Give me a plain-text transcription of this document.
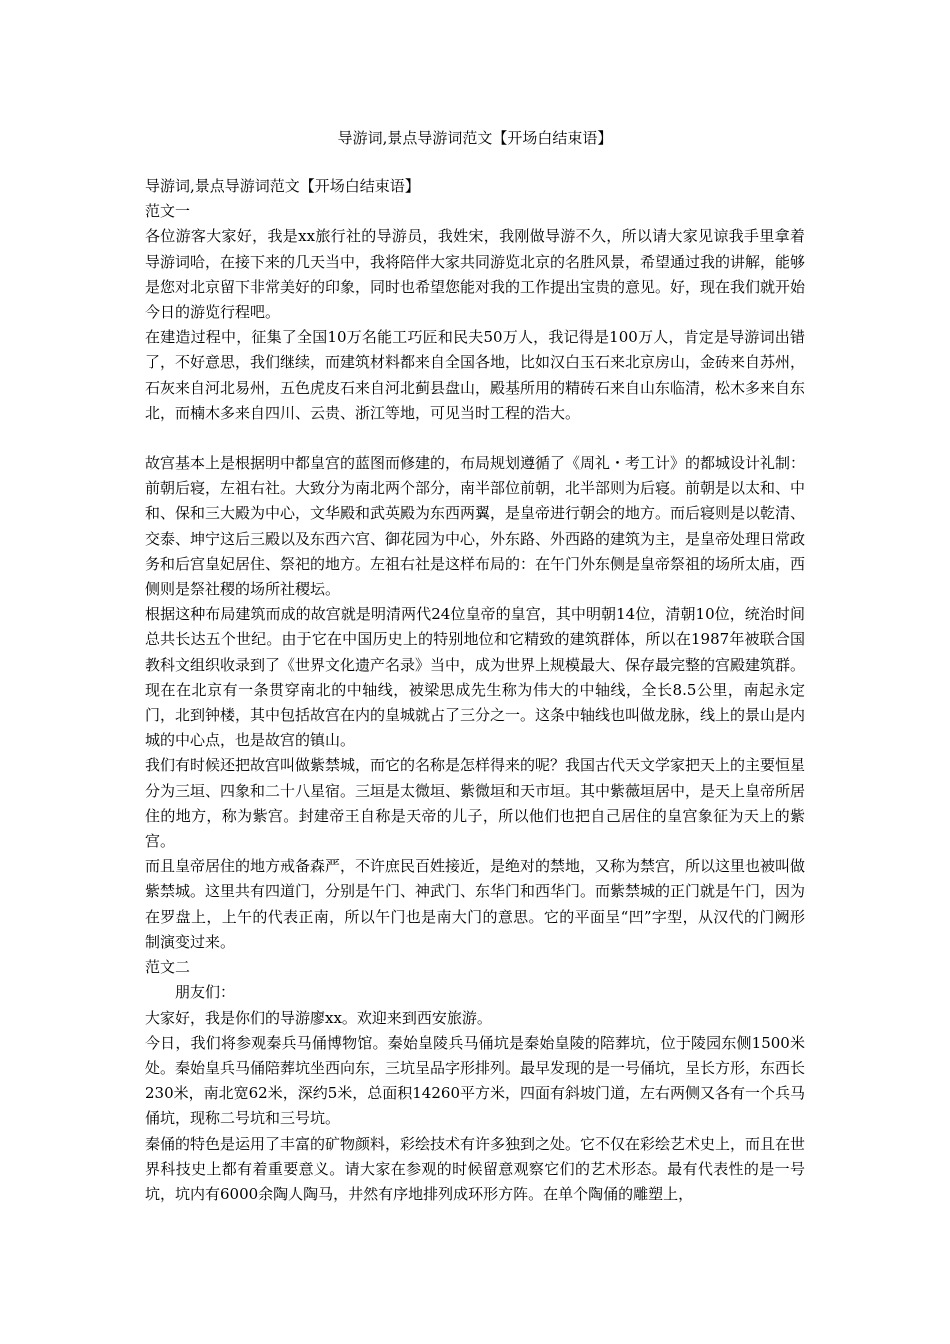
导游词,景点导游词范文【开场白结束语】

导游词,景点导游词范文【开场白结束语】

范文一

各位游客大家好，我是xx旅行社的导游员，我姓宋，我刚做导游不久，所以请大家见谅我手里拿着导游词哈，在接下来的几天当中，我将陪伴大家共同游览北京的名胜风景，希望通过我的讲解，能够是您对北京留下非常美好的印象，同时也希望您能对我的工作提出宝贵的意见。好，现在我们就开始今日的游览行程吧。

在建造过程中，征集了全国10万名能工巧匠和民夫50万人，我记得是100万人，肯定是导游词出错了，不好意思，我们继续，而建筑材料都来自全国各地，比如汉白玉石来北京房山，金砖来自苏州，石灰来自河北易州，五色虎皮石来自河北蓟县盘山，殿基所用的精砖石来自山东临清，松木多来自东北，而楠木多来自四川、云贵、浙江等地，可见当时工程的浩大。

故宫基本上是根据明中都皇宫的蓝图而修建的，布局规划遵循了《周礼・考工计》的都城设计礼制：前朝后寝，左祖右社。大致分为南北两个部分，南半部位前朝，北半部则为后寝。前朝是以太和、中和、保和三大殿为中心，文华殿和武英殿为东西两翼，是皇帝进行朝会的地方。而后寝则是以乾清、交泰、坤宁这后三殿以及东西六宫、御花园为中心，外东路、外西路的建筑为主，是皇帝处理日常政务和后宫皇妃居住、祭祀的地方。左祖右社是这样布局的：在午门外东侧是皇帝祭祖的场所太庙，西侧则是祭社稷的场所社稷坛。

根据这种布局建筑而成的故宫就是明清两代24位皇帝的皇宫，其中明朝14位，清朝10位，统治时间总共长达五个世纪。由于它在中国历史上的特别地位和它精致的建筑群体，所以在1987年被联合国教科文组织收录到了《世界文化遗产名录》当中，成为世界上规模最大、保存最完整的宫殿建筑群。

现在在北京有一条贯穿南北的中轴线，被梁思成先生称为伟大的中轴线，全长8.5公里，南起永定门，北到钟楼，其中包括故宫在内的皇城就占了三分之一。这条中轴线也叫做龙脉，线上的景山是内城的中心点，也是故宫的镇山。

我们有时候还把故宫叫做紫禁城，而它的名称是怎样得来的呢？我国古代天文学家把天上的主要恒星分为三垣、四象和二十八星宿。三垣是太微垣、紫微垣和天市垣。其中紫薇垣居中，是天上皇帝所居住的地方，称为紫宫。封建帝王自称是天帝的儿子，所以他们也把自己居住的皇宫象征为天上的紫宫。

而且皇帝居住的地方戒备森严，不许庶民百姓接近，是绝对的禁地，又称为禁宫，所以这里也被叫做紫禁城。这里共有四道门，分别是午门、神武门、东华门和西华门。而紫禁城的正门就是午门，因为在罗盘上，上午的代表正南，所以午门也是南大门的意思。它的平面呈“凹”字型，从汉代的门阙形制演变过来。

范文二

朋友们：

大家好，我是你们的导游廖xx。欢迎来到西安旅游。

今日，我们将参观秦兵马俑博物馆。秦始皇陵兵马俑坑是秦始皇陵的陪葬坑，位于陵园东侧1500米处。秦始皇兵马俑陪葬坑坐西向东，三坑呈品字形排列。最早发现的是一号俑坑，呈长方形，东西长230米，南北宽62米，深约5米，总面积14260平方米，四面有斜坡门道，左右两侧又各有一个兵马俑坑，现称二号坑和三号坑。

秦俑的特色是运用了丰富的矿物颜料，彩绘技术有许多独到之处。它不仅在彩绘艺术史上，而且在世界科技史上都有着重要意义。请大家在参观的时候留意观察它们的艺术形态。最有代表性的是一号坑，坑内有6000余陶人陶马，井然有序地排列成环形方阵。在单个陶俑的雕塑上，
